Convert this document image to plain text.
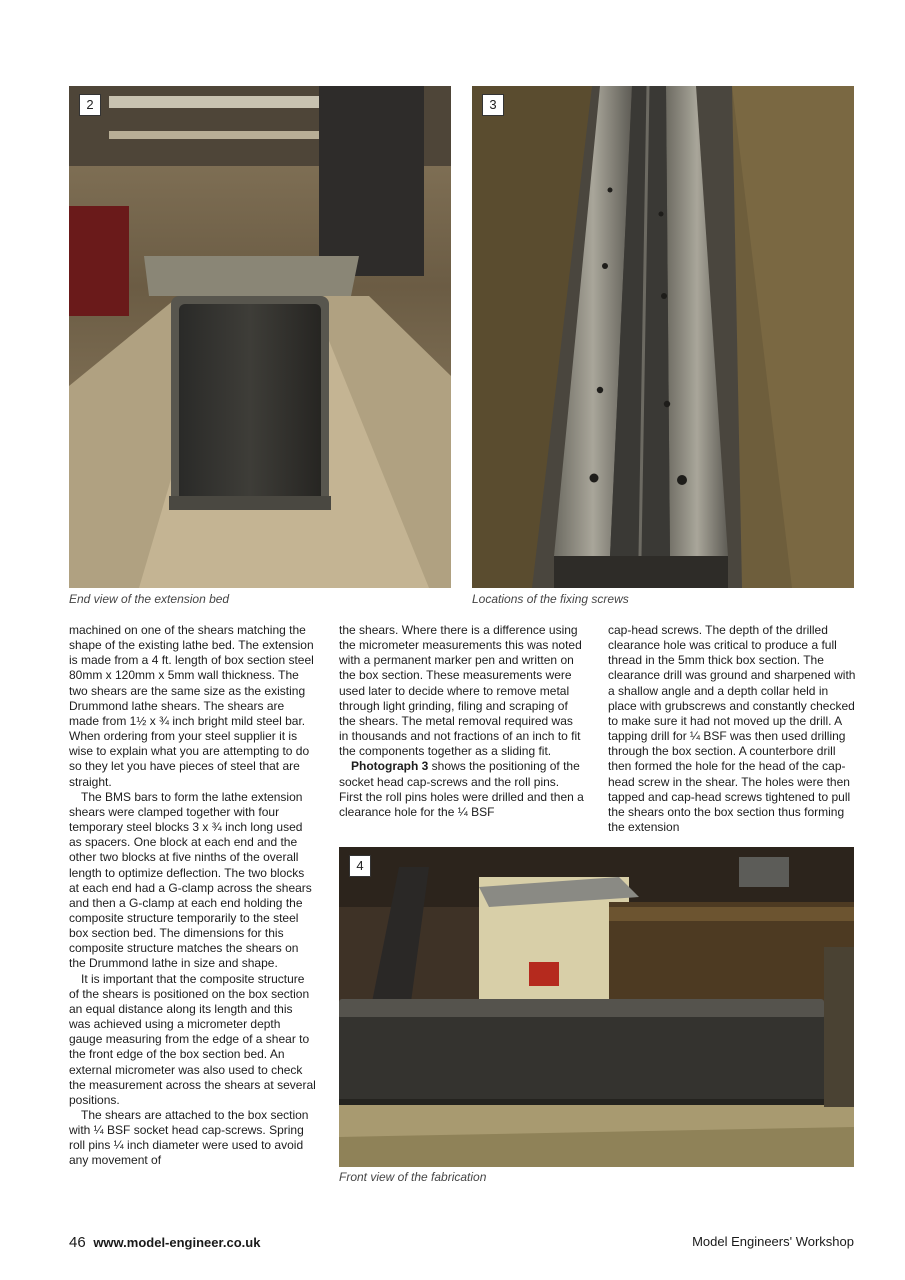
2
End view of the extension bed
3
Locations of the fixing screws

machined on one of the shears matching the shape of the existing lathe bed. The extension is made from a 4 ft. length of box section steel 80mm x 120mm x 5mm wall thickness. The two shears are the same size as the existing Drummond lathe shears. The shears are made from 1½ x ¾ inch bright mild steel bar. When ordering from your steel supplier it is wise to explain what you are attempting to do so they let you have pieces of steel that are straight.

The BMS bars to form the lathe extension shears were clamped together with four temporary steel blocks 3 x ¾ inch long used as spacers. One block at each end and the other two blocks at five ninths of the overall length to optimize deflection. The two blocks at each end had a G-clamp across the shears and then a G-clamp at each end holding the composite structure temporarily to the steel box section bed. The dimensions for this composite structure matches the shears on the Drummond lathe in size and shape.

It is important that the composite structure of the shears is positioned on the box section an equal distance along its length and this was achieved using a micrometer depth gauge measuring from the edge of a shear to the front edge of the box section bed. An external micrometer was also used to check the measurement across the shears at several positions.

The shears are attached to the box section with ¼ BSF socket head cap-screws. Spring roll pins ¼ inch diameter were used to avoid any movement of

the shears. Where there is a difference using the micrometer measurements this was noted with a permanent marker pen and written on the box section. These measurements were used later to decide where to remove metal through light grinding, filing and scraping of the shears. The metal removal required was in thousands and not fractions of an inch to fit the components together as a sliding fit.

Photograph 3 shows the positioning of the socket head cap-screws and the roll pins. First the roll pins holes were drilled and then a clearance hole for the ¼ BSF

cap-head screws. The depth of the drilled clearance hole was critical to produce a full thread in the 5mm thick box section. The clearance drill was ground and sharpened with a shallow angle and a depth collar held in place with grubscrews and constantly checked to make sure it had not moved up the drill. A tapping drill for ¼ BSF was then used drilling through the box section. A counterbore drill then formed the hole for the head of the cap-head screw in the shear. The holes were then tapped and cap-head screws tightened to pull the shears onto the box section thus forming the extension

4
Front view of the fabrication
46 www.model-engineer.co.uk	Model Engineers' Workshop
